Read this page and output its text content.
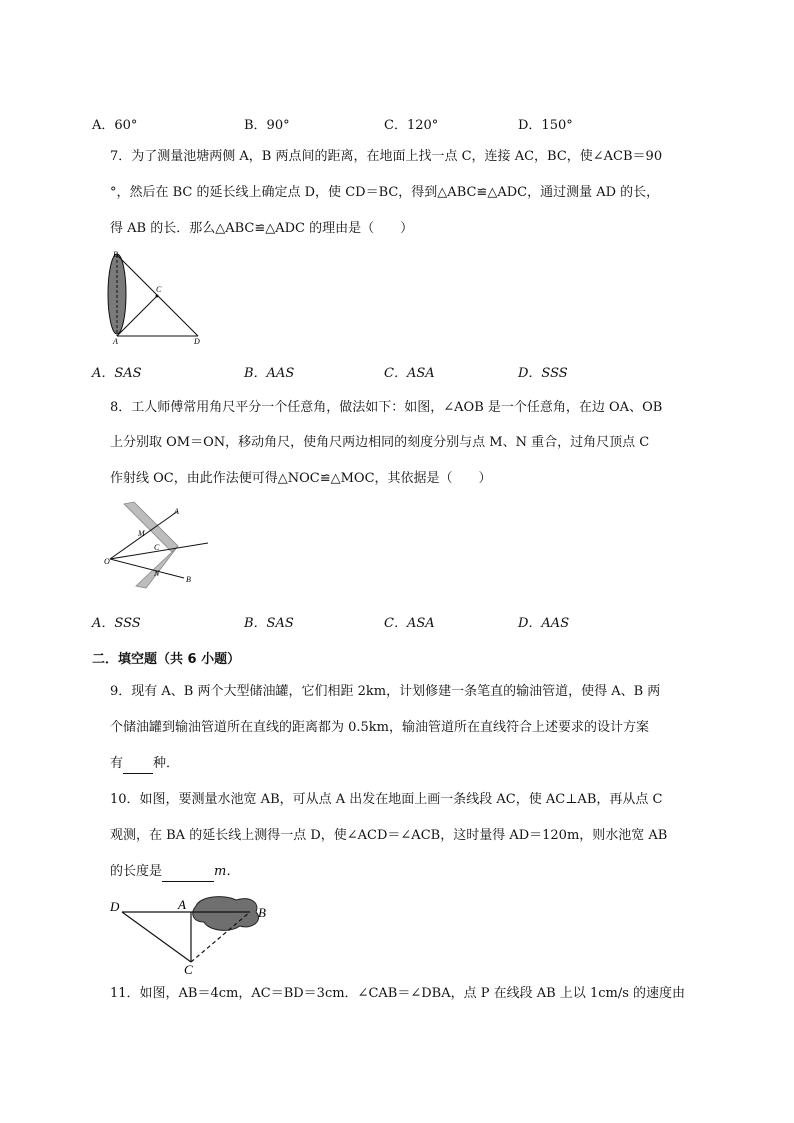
A．60°	B．90°	C．120°	D．150°
7．为了测量池塘两侧 A，B 两点间的距离，在地面上找一点 C，连接 AC，BC，使∠ACB＝90
°，然后在 BC 的延长线上确定点 D，使 CD＝BC，得到△ABC≌△ADC，通过测量 AD 的长，
得 AB 的长．那么△ABC≌△ADC 的理由是（　　）
B
C
A	D
A．SAS	B．AAS	C．ASA	D．SSS
8．工人师傅常用角尺平分一个任意角，做法如下：如图，∠AOB 是一个任意角，在边 OA、OB
上分别取 OM＝ON，移动角尺，使角尺两边相同的刻度分别与点 M、N 重合，过角尺顶点 C
作射线 OC，由此作法便可得△NOC≌△MOC，其依据是（　　）
A
M
C
O
N
B
A．SSS	B．SAS	C．ASA	D．AAS
二．填空题（共 6 小题）
9．现有 A、B 两个大型储油罐，它们相距 2km，计划修建一条笔直的输油管道，使得 A、B 两
个储油罐到输油管道所在直线的距离都为 0.5km，输油管道所在直线符合上述要求的设计方案
有 种．
10．如图，要测量水池宽 AB，可从点 A 出发在地面上画一条线段 AC，使 AC⊥AB，再从点 C
观测，在 BA 的延长线上测得一点 D，使∠ACD＝∠ACB，这时量得 AD＝120m，则水池宽 AB
的长度是	m．
D	A
B
C
11．如图，AB＝4cm，AC＝BD＝3cm．∠CAB＝∠DBA，点 P 在线段 AB 上以 1cm/s 的速度由
